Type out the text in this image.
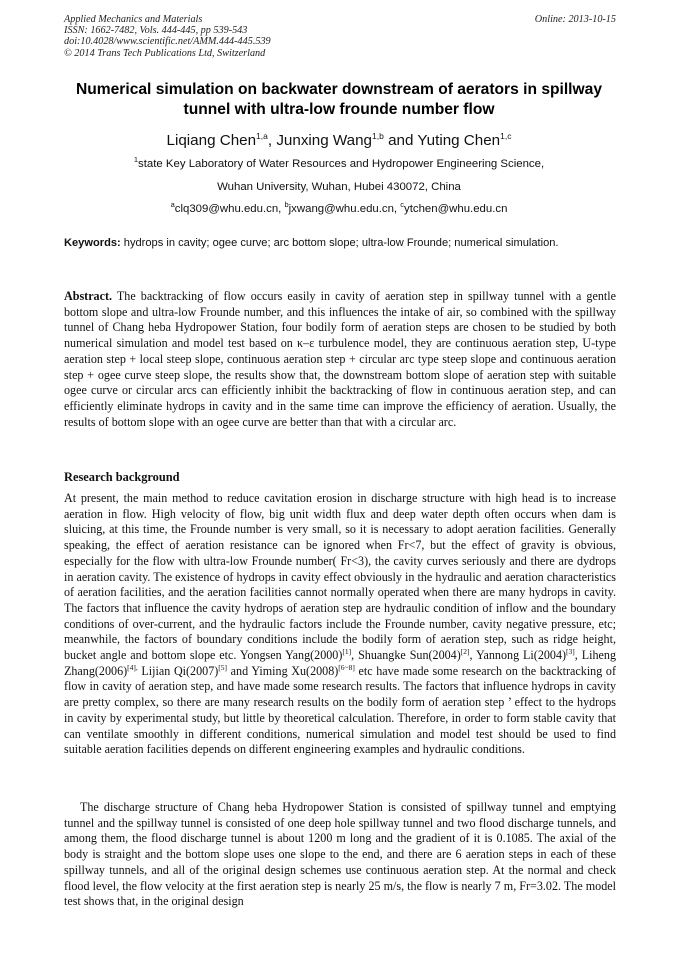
Applied Mechanics and Materials
ISSN: 1662-7482, Vols. 444-445, pp 539-543
doi:10.4028/www.scientific.net/AMM.444-445.539
© 2014 Trans Tech Publications Ltd, Switzerland
Online: 2013-10-15
Numerical simulation on backwater downstream of aerators in spillway
tunnel with ultra-low frounde number flow
Liqiang Chen$^{1,a}$, Junxing Wang$^{1,b}$ and Yuting Chen$^{1,c}$
$^1$state Key Laboratory of Water Resources and Hydropower Engineering Science,
Wuhan University, Wuhan, Hubei 430072, China
$^a$clq309@whu.edu.cn, $^b$jxwang@whu.edu.cn, $^c$ytchen@whu.edu.cn
Keywords: hydrops in cavity; ogee curve; arc bottom slope; ultra-low Frounde; numerical simulation.
Abstract. The backtracking of flow occurs easily in cavity of aeration step in spillway tunnel with a gentle bottom slope and ultra-low Frounde number, and this influences the intake of air, so combined with the spillway tunnel of Chang heba Hydropower Station, four bodily form of aeration steps are chosen to be studied by both numerical simulation and model test based on κ–ε turbulence model, they are continuous aeration step, U-type aeration step + local steep slope, continuous aeration step + circular arc type steep slope and continuous aeration step + ogee curve steep slope, the results show that, the downstream bottom slope of aeration step with suitable ogee curve or circular arcs can efficiently inhibit the backtracking of flow in continuous aeration step, and can efficiently eliminate hydrops in cavity and in the same time can improve the efficiency of aeration. Usually, the results of bottom slope with an ogee curve are better than that with a circular arc.
Research background
At present, the main method to reduce cavitation erosion in discharge structure with high head is to increase aeration in flow. High velocity of flow, big unit width flux and deep water depth often occurs when dam is sluicing, at this time, the Frounde number is very small, so it is necessary to adopt aeration facilities. Generally speaking, the effect of aeration resistance can be ignored when Fr<7, but the effect of gravity is obvious, especially for the flow with ultra-low Frounde number( Fr<3), the cavity curves seriously and there are dydrops in aeration cavity. The existence of hydrops in cavity effect obviously in the hydraulic and aeration characteristics of aeration facilities, and the aeration facilities cannot normally operated when there are many hydrops in cavity. The factors that influence the cavity hydrops of aeration step are hydraulic condition of inflow and the boundary conditions of over-current, and the hydraulic factors include the Frounde number, cavity negative pressure, etc; meanwhile, the factors of boundary conditions include the bodily form of aeration step, such as ridge height, bucket angle and bottom slope etc. Yongsen Yang(2000)[1], Shuangke Sun(2004)[2], Yannong Li(2004)[3], Liheng $Zhang(2006)^{[4],}$ Lijian Qi(2007)[5] and Yiming Xu(2008)[6~8] etc have made some research on the backtracking of flow in cavity of aeration step, and have made some research results. The factors that influence hydrops in cavity are pretty complex, so there are many research results on the bodily form of aeration step ’ effect to the hydrops in cavity by experimental study, but little by theoretical calculation. Therefore, in order to form stable cavity that can ventilate smoothly in different conditions, numerical simulation and model test should be used to find suitable aeration facilities depends on different engineering examples and hydraulic conditions.
The discharge structure of Chang heba Hydropower Station is consisted of spillway tunnel and emptying tunnel and the spillway tunnel is consisted of one deep hole spillway tunnel and two flood discharge tunnels, and among them, the flood discharge tunnel is about 1200 m long and the gradient of it is 0.1085. The axial of the body is straight and the bottom slope uses one slope to the end, and there are 6 aeration steps in each of these spillway tunnels, and all of the original design schemes use continuous aeration step. At the normal and check flood level, the flow velocity at the first aeration step is nearly 25 m/s, the flow is nearly 7 m, Fr=3.02. The model test shows that, in the original design
